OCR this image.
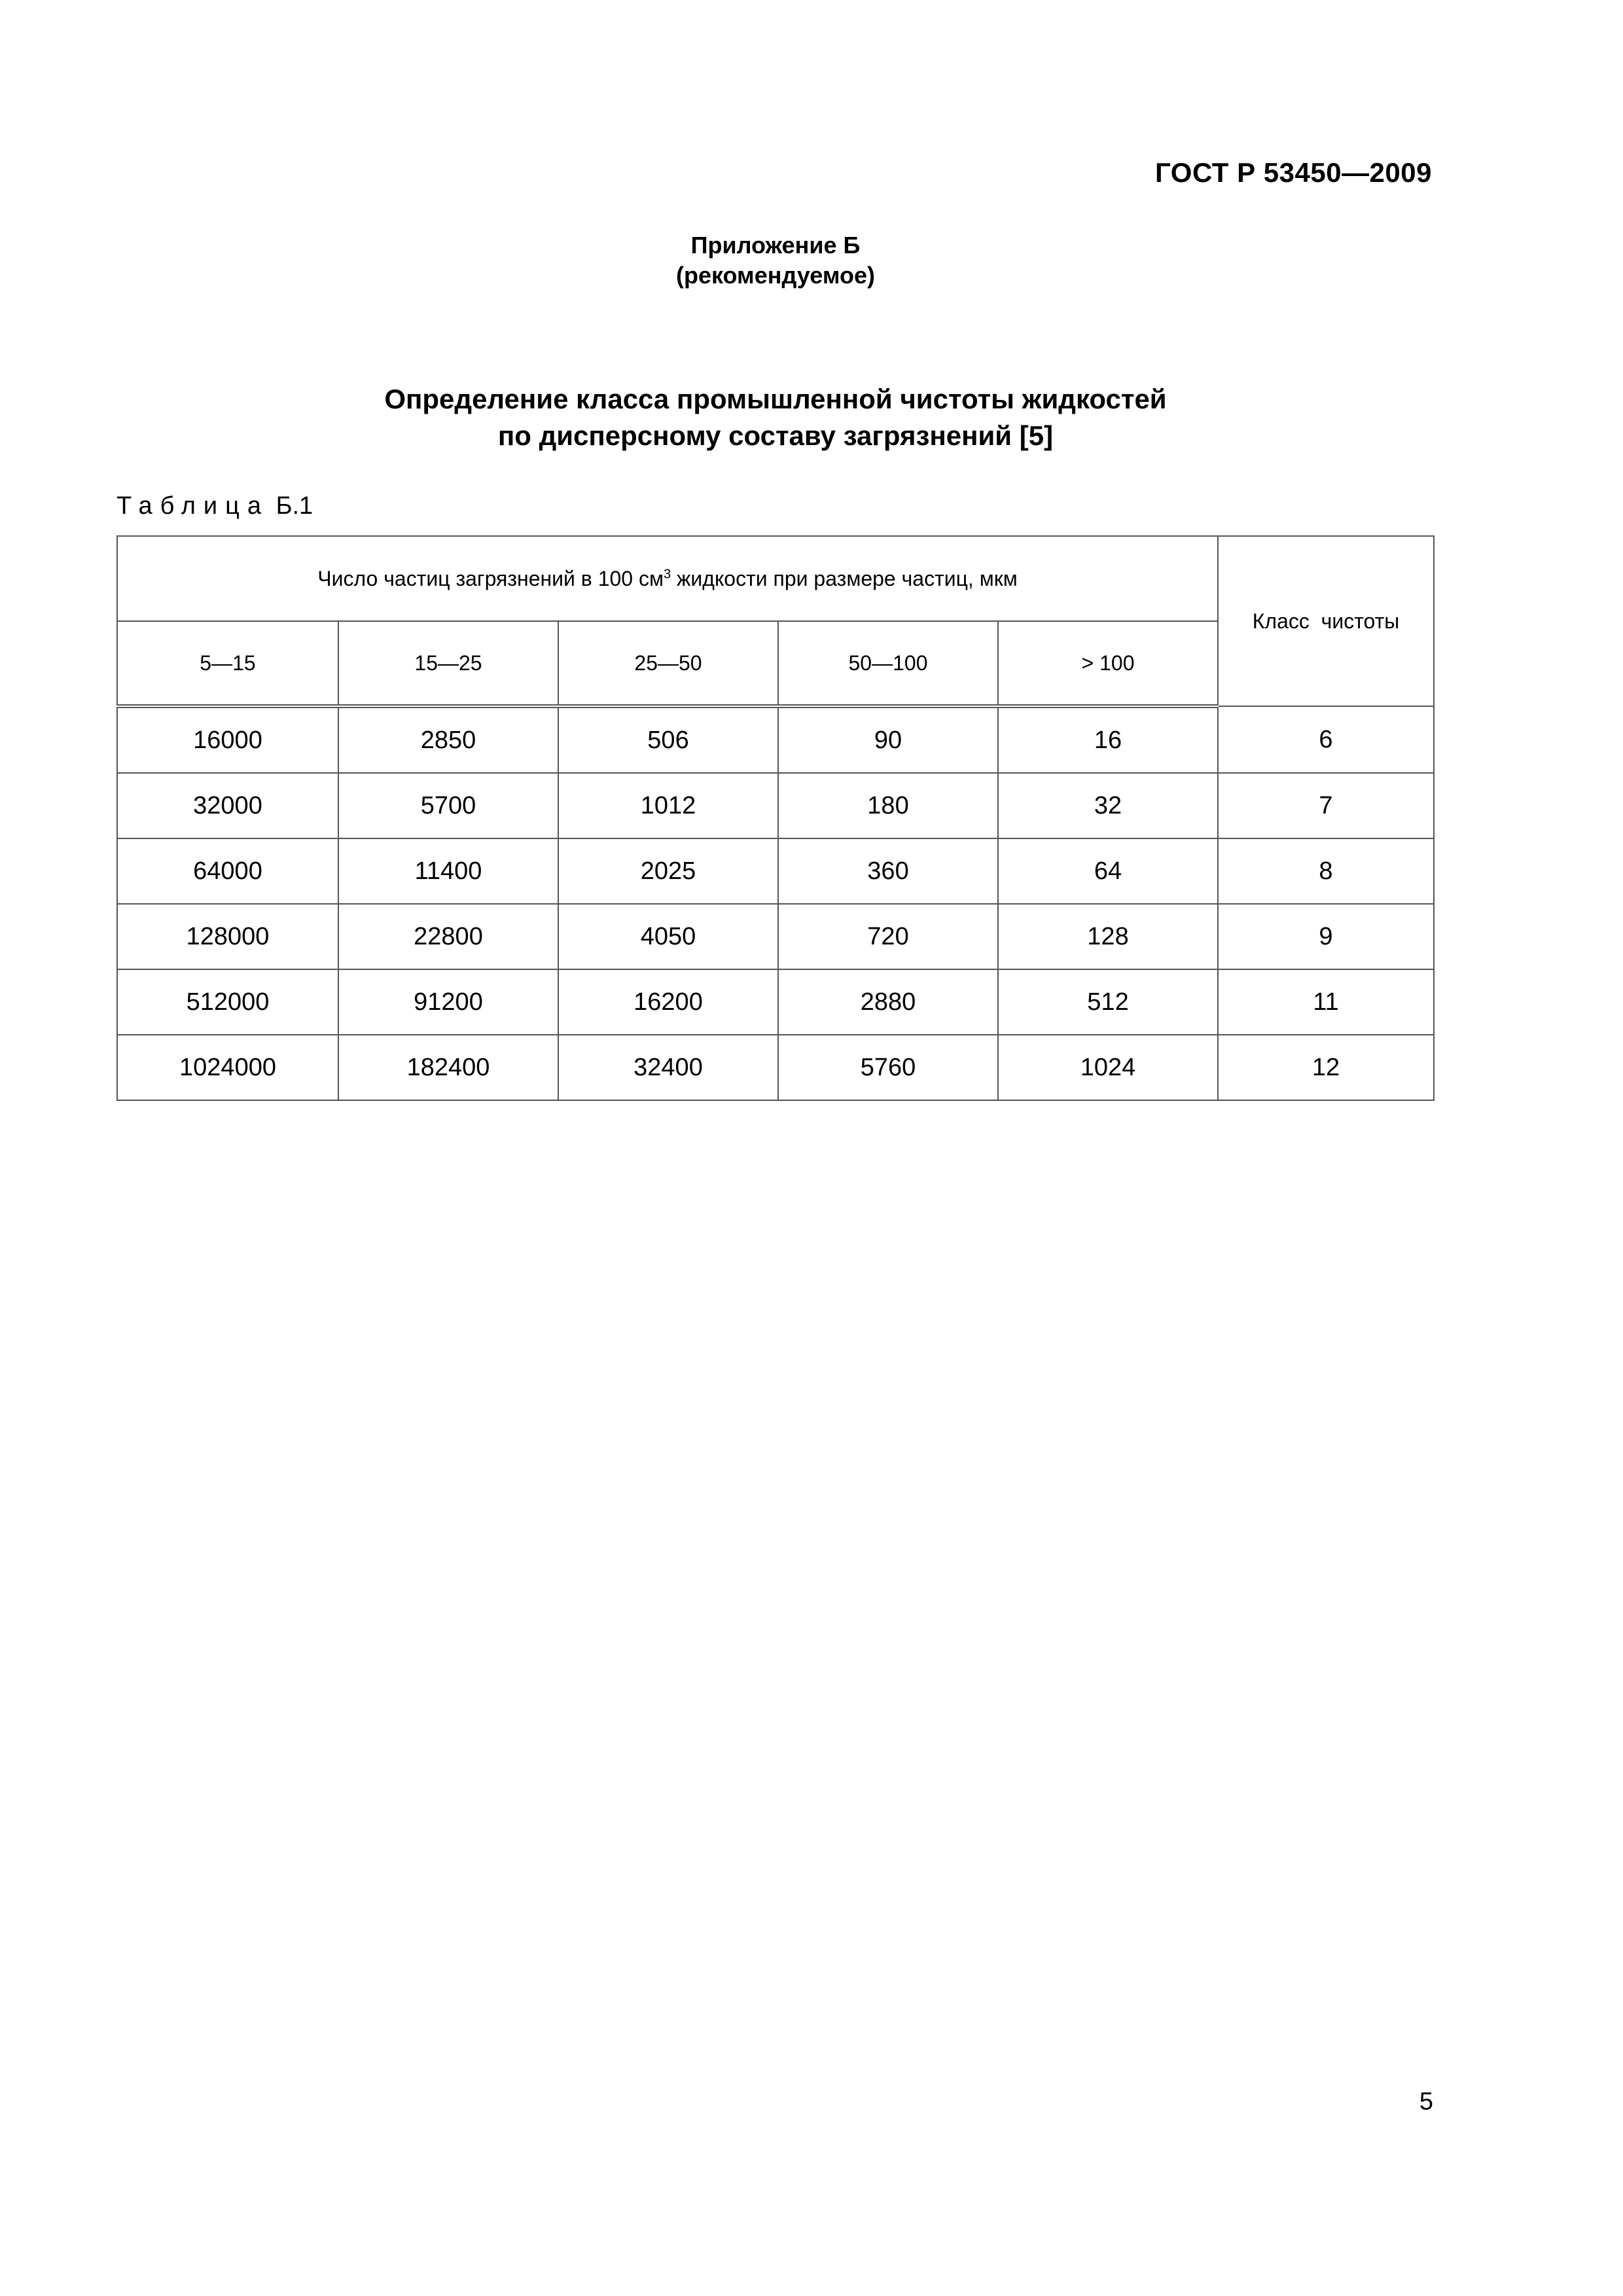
ГОСТ Р 53450—2009
Приложение Б
(рекомендуемое)
Определение класса промышленной чистоты жидкостей
по дисперсному составу загрязнений [5]
Таблица Б.1
Число частиц загрязнений в 100 $см^3$ жидкости при размере частиц, мкм					Класс  чистоты
5—15	15—25	25—50	50—100	> 100	
16000	2850	506	90	16	6
32000	5700	1012	180	32	7
64000	11400	2025	360	64	8
128000	22800	4050	720	128	9
512000	91200	16200	2880	512	11
1024000	182400	32400	5760	1024	12
5
